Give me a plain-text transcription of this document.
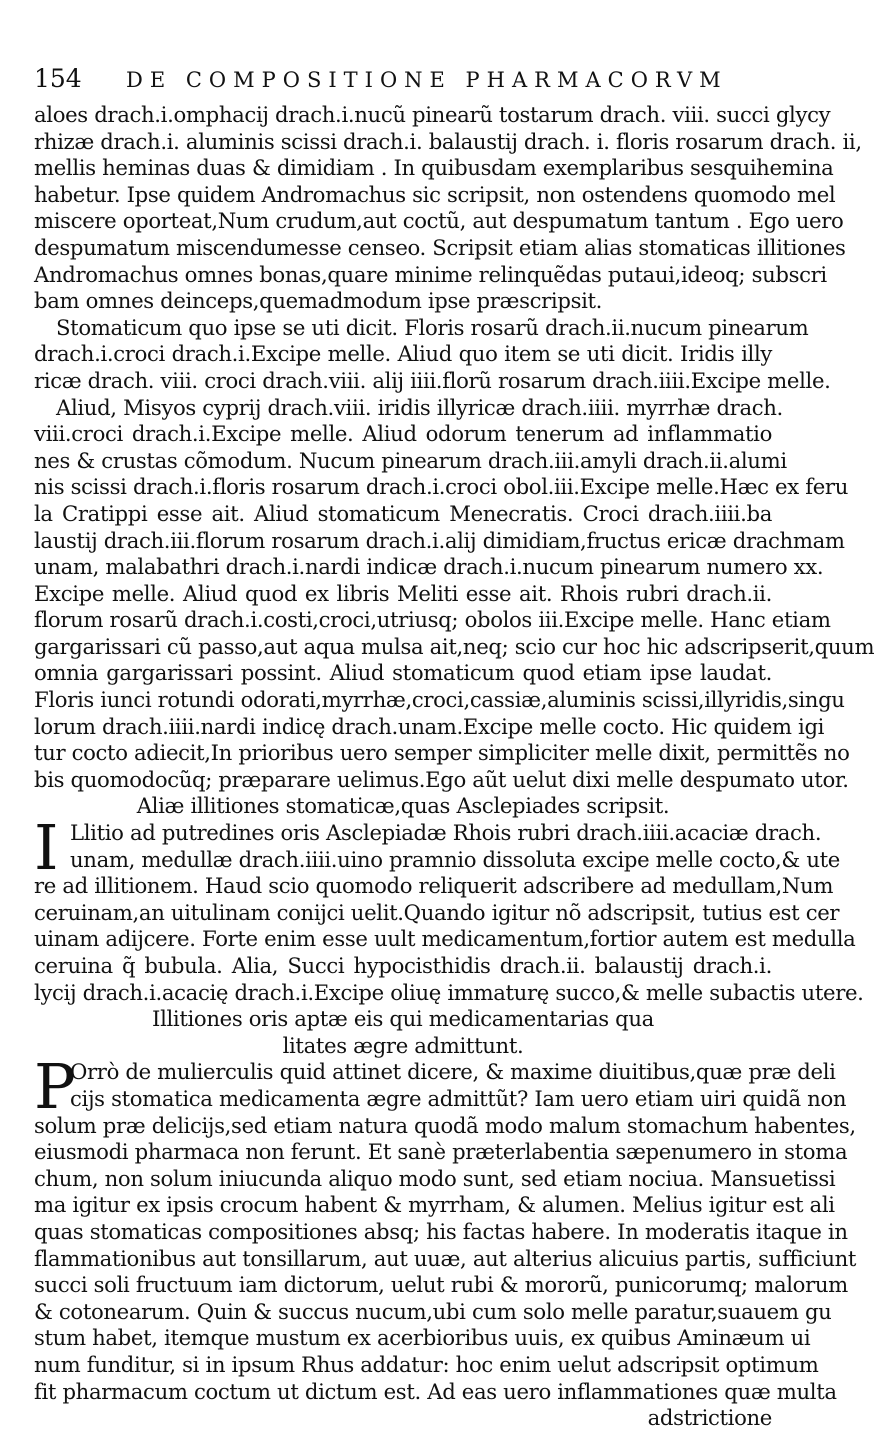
154	DE COMPOSITIONE PHARMACORVM
aloes drach.i.omphacij drach.i.nucũ pinearũ tostarum drach. viii. succi glycy
rhizæ drach.i. aluminis scissi drach.i. balaustij drach. i. floris rosarum drach. ii,
mellis heminas duas & dimidiam . In quibusdam exemplaribus sesquihemina
habetur. Ipse quidem Andromachus sic scripsit, non ostendens quomodo mel
miscere oporteat,Num crudum,aut coctũ, aut despumatum tantum . Ego uero
despumatum miscendumesse censeo. Scripsit etiam alias stomaticas illitiones
Andromachus omnes bonas,quare minime relinquẽdas putaui,ideoq; subscri
bam omnes deinceps,quemadmodum ipse præscripsit.
Stomaticum quo ipse se uti dicit. Floris rosarũ drach.ii.nucum pinearum
drach.i.croci drach.i.Excipe melle. Aliud quo item se uti dicit. Iridis illy
ricæ drach. viii. croci drach.viii. alij iiii.florũ rosarum drach.iiii.Excipe melle.
Aliud, Misyos cyprij drach.viii. iridis illyricæ drach.iiii. myrrhæ drach.
viii.croci drach.i.Excipe melle. Aliud odorum tenerum ad inflammatio
nes & crustas cõmodum. Nucum pinearum drach.iii.amyli drach.ii.alumi
nis scissi drach.i.floris rosarum drach.i.croci obol.iii.Excipe melle.Hæc ex feru
la Cratippi esse ait. Aliud stomaticum Menecratis. Croci drach.iiii.ba
laustij drach.iii.florum rosarum drach.i.alij dimidiam,fructus ericæ drachmam
unam, malabathri drach.i.nardi indicæ drach.i.nucum pinearum numero xx.
Excipe melle. Aliud quod ex libris Meliti esse ait. Rhois rubri drach.ii.
florum rosarũ drach.i.costi,croci,utriusq; obolos iii.Excipe melle. Hanc etiam
gargarissari cũ passo,aut aqua mulsa ait,neq; scio cur hoc hic adscripserit,quum
omnia gargarissari possint. Aliud stomaticum quod etiam ipse laudat.
Floris iunci rotundi odorati,myrrhæ,croci,cassiæ,aluminis scissi,illyridis,singu
lorum drach.iiii.nardi indicę drach.unam.Excipe melle cocto. Hic quidem igi
tur cocto adiecit,In prioribus uero semper simpliciter melle dixit, permittẽs no
bis quomodocũq; præparare uelimus.Ego aũt uelut dixi melle despumato utor.
Aliæ illitiones stomaticæ,quas Asclepiades scripsit.
I Llitio ad putredines oris Asclepiadæ Rhois rubri drach.iiii.acaciæ drach.
unam, medullæ drach.iiii.uino pramnio dissoluta excipe melle cocto,& ute
re ad illitionem. Haud scio quomodo reliquerit adscribere ad medullam,Num
ceruinam,an uitulinam conijci uelit.Quando igitur nõ adscripsit, tutius est cer
uinam adijcere. Forte enim esse uult medicamentum,fortior autem est medulla
ceruina q̃ bubula. Alia, Succi hypocisthidis drach.ii. balaustij drach.i.
lycij drach.i.acacię drach.i.Excipe oliuę immaturę succo,& melle subactis utere.
Illitiones oris aptæ eis qui medicamentarias qua
litates ægre admittunt.
P
Orrò de mulierculis quid attinet dicere, & maxime diuitibus,quæ præ deli
cijs stomatica medicamenta ægre admittũt? Iam uero etiam uiri quidã non
solum præ delicijs,sed etiam natura quodã modo malum stomachum habentes,
eiusmodi pharmaca non ferunt. Et sanè præterlabentia sæpenumero in stoma
chum, non solum iniucunda aliquo modo sunt, sed etiam nociua. Mansuetissi
ma igitur ex ipsis crocum habent & myrrham, & alumen. Melius igitur est ali
quas stomaticas compositiones absq; his factas habere. In moderatis itaque in
flammationibus aut tonsillarum, aut uuæ, aut alterius alicuius partis, sufficiunt
succi soli fructuum iam dictorum, uelut rubi & mororũ, punicorumq; malorum
& cotonearum. Quin & succus nucum,ubi cum solo melle paratur,suauem gu
stum habet, itemque mustum ex acerbioribus uuis, ex quibus Aminæum ui
num funditur, si in ipsum Rhus addatur: hoc enim uelut adscripsit optimum
fit pharmacum coctum ut dictum est. Ad eas uero inflammationes quæ multa
adstrictione
